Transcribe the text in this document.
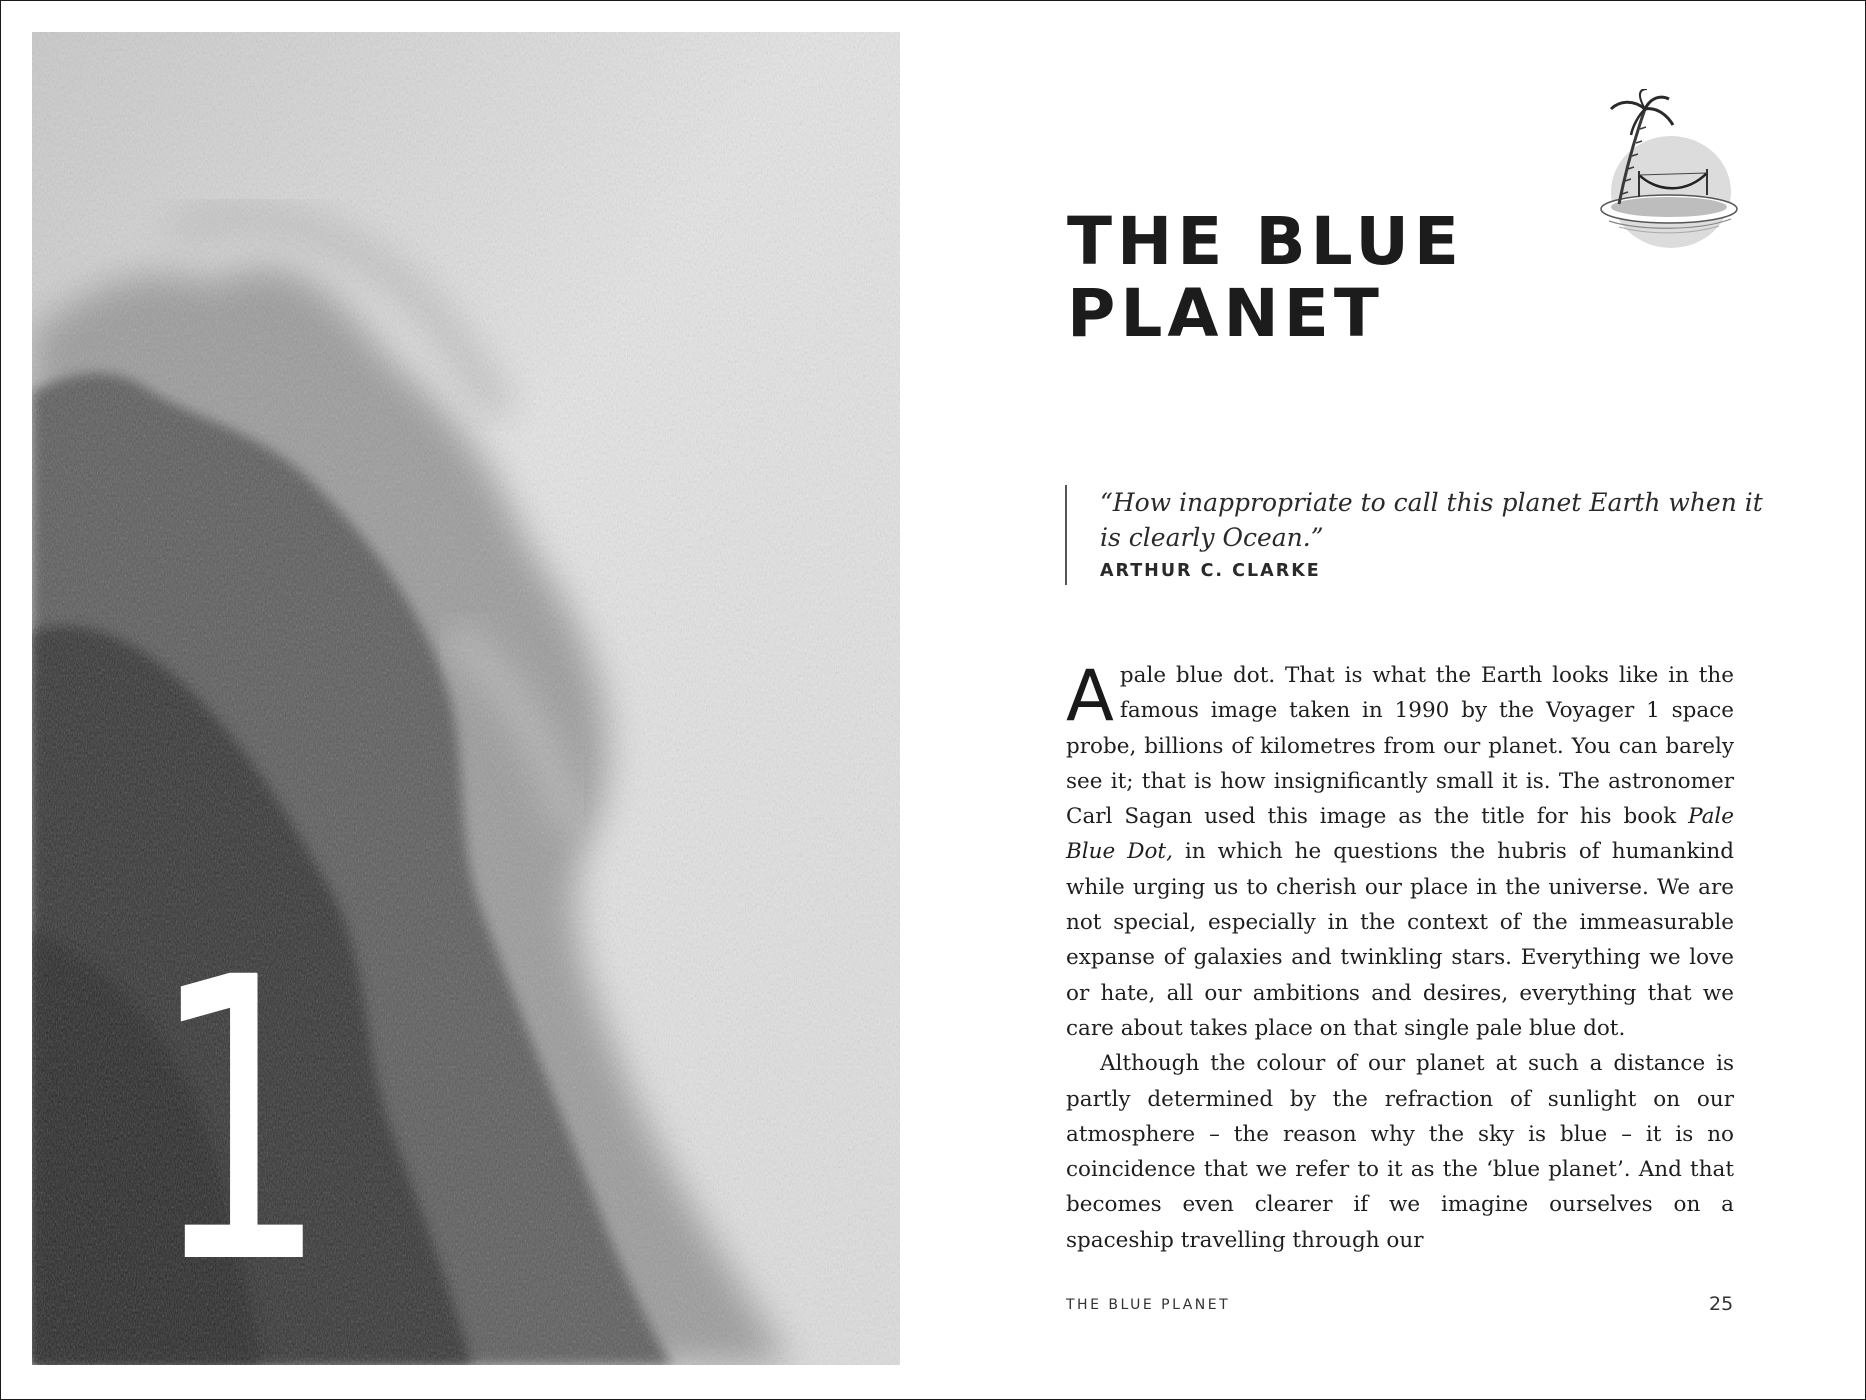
1
THE BLUE
PLANET

“How inappropriate to call this planet Earth when it is clearly Ocean.”

ARTHUR C. CLARKE

A pale blue dot. That is what the Earth looks like in the famous image taken in 1990 by the Voyager 1 space probe, billions of kilometres from our planet. You can barely see it; that is how insignificantly small it is. The astronomer Carl Sagan used this image as the title for his book Pale Blue Dot, in which he questions the hubris of humankind while urging us to cherish our place in the universe. We are not special, especially in the context of the immeasurable expanse of galaxies and twinkling stars. Everything we love or hate, all our ambitions and desires, everything that we care about takes place on that single pale blue dot.

Although the colour of our planet at such a distance is partly determined by the refraction of sunlight on our atmosphere – the reason why the sky is blue – it is no coincidence that we refer to it as the ‘blue planet’. And that becomes even clearer if we imagine ourselves on a spaceship travelling through our

THE BLUE PLANET	25
